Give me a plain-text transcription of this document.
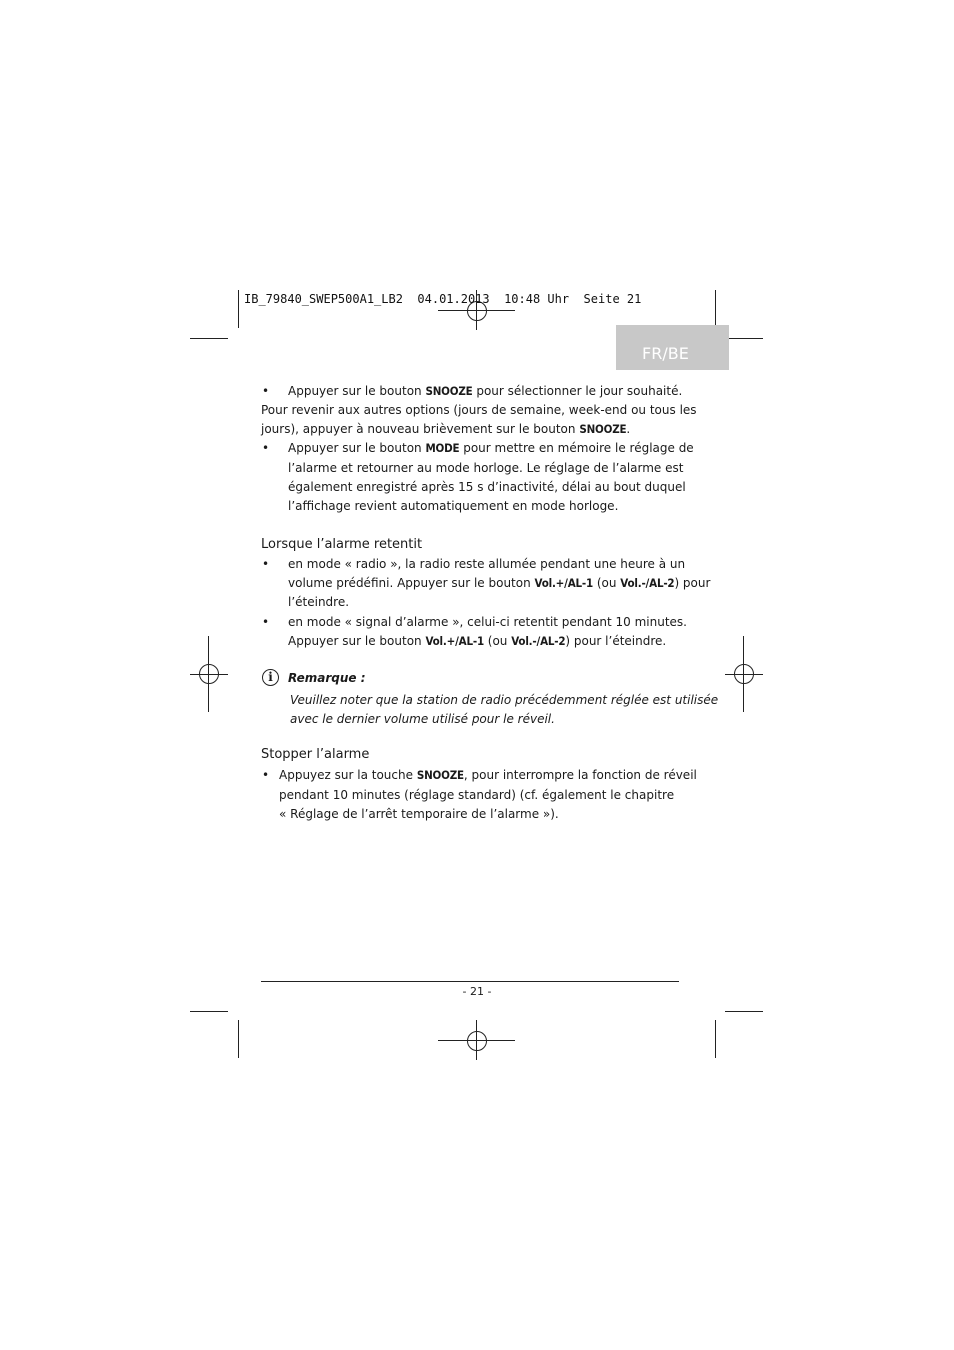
IB_79840_SWEP500A1_LB2  04.01.2013  10:48 Uhr  Seite 21
FR/BE
• Appuyer sur le bouton SNOOZE pour sélectionner le jour souhaité.
Pour revenir aux autres options (jours de semaine, week-end ou tous les
jours), appuyer à nouveau brièvement sur le bouton SNOOZE.
• Appuyer sur le bouton MODE pour mettre en mémoire le réglage de
l’alarme et retourner au mode horloge. Le réglage de l’alarme est
également enregistré après 15 s d’inactivité, délai au bout duquel
l’affichage revient automatiquement en mode horloge.
Lorsque l’alarme retentit
• en mode « radio », la radio reste allumée pendant une heure à un
volume prédéfini. Appuyer sur le bouton Vol.+/AL-1 (ou Vol.-/AL-2) pour
l’éteindre.
• en mode « signal d’alarme », celui-ci retentit pendant 10 minutes.
Appuyer sur le bouton Vol.+/AL-1 (ou Vol.-/AL-2) pour l’éteindre.
i	Remarque :
Veuillez noter que la station de radio précédemment réglée est utilisée
avec le dernier volume utilisé pour le réveil.
Stopper l’alarme
• Appuyez sur la touche SNOOZE, pour interrompre la fonction de réveil
pendant 10 minutes (réglage standard) (cf. également le chapitre
« Réglage de l’arrêt temporaire de l’alarme »).
- 21 -
